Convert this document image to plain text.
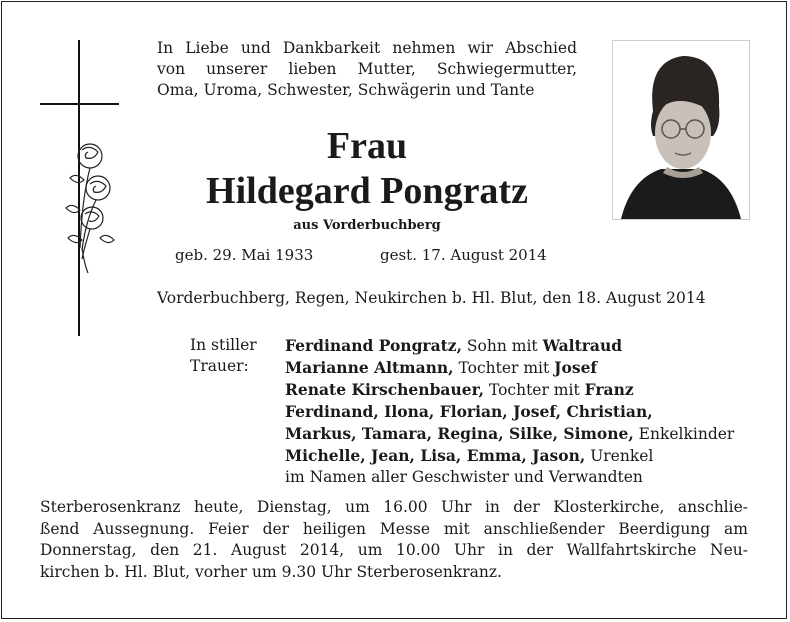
In Liebe und Dankbarkeit nehmen wir Abschied
von unserer lieben Mutter, Schwiegermutter,
Oma, Uroma, Schwester, Schwägerin und Tante
Frau
Hildegard Pongratz
aus Vorderbuchberg
geb. 29. Mai 1933	gest. 17. August 2014
Vorderbuchberg, Regen, Neukirchen b. Hl. Blut, den 18. August 2014
In stiller
Trauer:
Ferdinand Pongratz, Sohn mit Waltraud
Marianne Altmann, Tochter mit Josef
Renate Kirschenbauer, Tochter mit Franz
Ferdinand, Ilona, Florian, Josef, Christian,
Markus, Tamara, Regina, Silke, Simone, Enkelkinder
Michelle, Jean, Lisa, Emma, Jason, Urenkel
im Namen aller Geschwister und Verwandten
Sterberosenkranz heute, Dienstag, um 16.00 Uhr in der Klosterkirche, anschlie-
ßend Aussegnung. Feier der heiligen Messe mit anschließender Beerdigung am
Donnerstag, den 21. August 2014, um 10.00 Uhr in der Wallfahrtskirche Neu-
kirchen b. Hl. Blut, vorher um 9.30 Uhr Sterberosenkranz.
